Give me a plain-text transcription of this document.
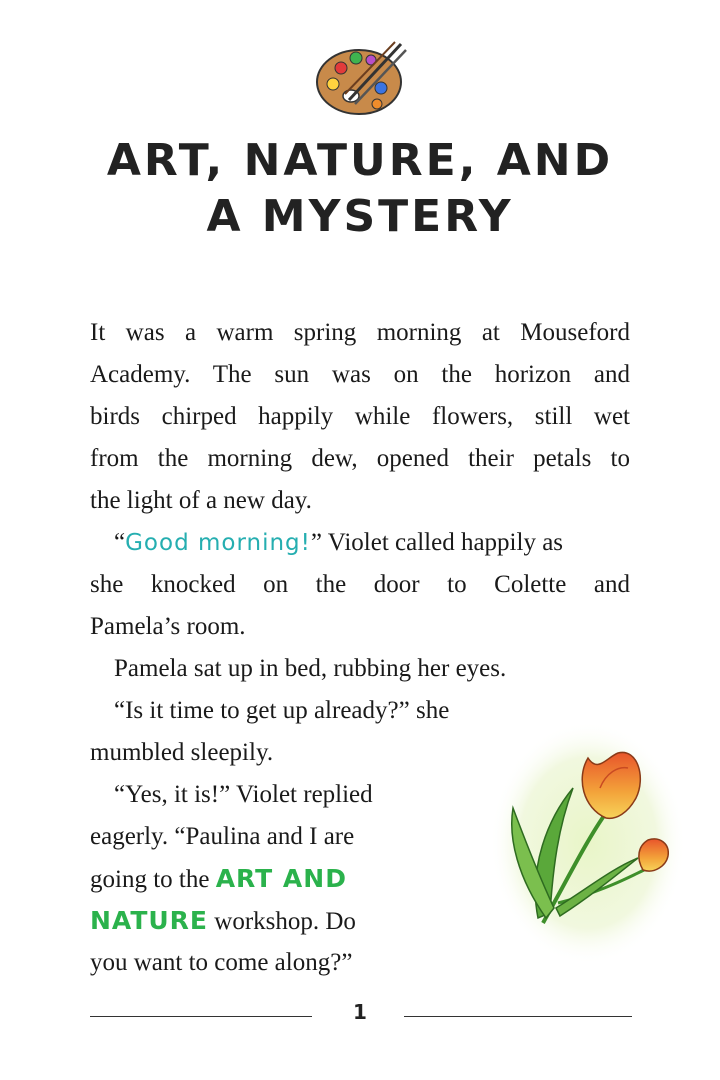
ART, NATURE, AND
A MYSTERY
It was a warm spring morning at Mouseford
Academy. The sun was on the horizon and
birds chirped happily while flowers, still wet
from the morning dew, opened their petals to
the light of a new day.
“Good morning!” Violet called happily as
she knocked on the door to Colette and
Pamela’s room.
Pamela sat up in bed, rubbing her eyes.
“Is it time to get up already?” she
mumbled sleepily.
“Yes, it is!” Violet replied
eagerly. “Paulina and I are
going to the ART AND
NATURE workshop. Do
you want to come along?”
1
